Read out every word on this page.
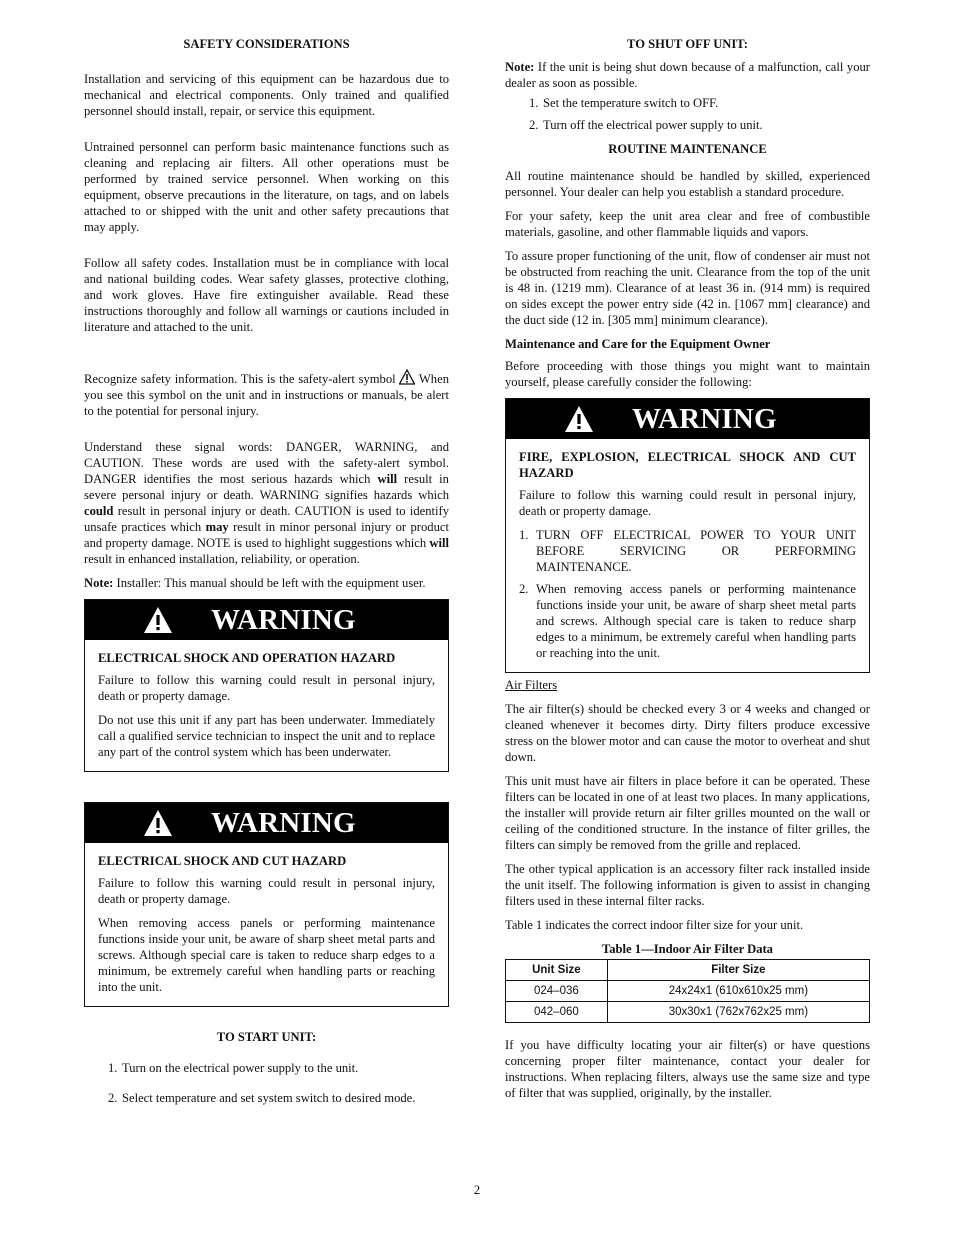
SAFETY CONSIDERATIONS

Installation and servicing of this equipment can be hazardous due to mechanical and electrical components. Only trained and qualified personnel should install, repair, or service this equipment.

Untrained personnel can perform basic maintenance functions such as cleaning and replacing air filters. All other operations must be performed by trained service personnel. When working on this equipment, observe precautions in the literature, on tags, and on labels attached to or shipped with the unit and other safety precautions that may apply.

Follow all safety codes. Installation must be in compliance with local and national building codes. Wear safety glasses, protective clothing, and work gloves. Have fire extinguisher available. Read these instructions thoroughly and follow all warnings or cautions included in literature and attached to the unit.

Recognize safety information. This is the safety-alert symbol When you see this symbol on the unit and in instructions or manuals, be alert to the potential for personal injury.

Understand these signal words: DANGER, WARNING, and CAUTION. These words are used with the safety-alert symbol. DANGER identifies the most serious hazards which will result in severe personal injury or death. WARNING signifies hazards which could result in personal injury or death. CAUTION is used to identify unsafe practices which may result in minor personal injury or product and property damage. NOTE is used to highlight suggestions which will result in enhanced installation, reliability, or operation.

Note: Installer: This manual should be left with the equipment user.

WARNING

ELECTRICAL SHOCK AND OPERATION HAZARD

Failure to follow this warning could result in personal injury, death or property damage.

Do not use this unit if any part has been underwater. Immediately call a qualified service technician to inspect the unit and to replace any part of the control system which has been underwater.

WARNING

ELECTRICAL SHOCK AND CUT HAZARD

Failure to follow this warning could result in personal injury, death or property damage.

When removing access panels or performing maintenance functions inside your unit, be aware of sharp sheet metal parts and screws. Although special care is taken to reduce sharp edges to a minimum, be extremely careful when handling parts or reaching into the unit.

TO START UNIT:
1. Turn on the electrical power supply to the unit.
2. Select temperature and set system switch to desired mode.
TO SHUT OFF UNIT:

Note: If the unit is being shut down because of a malfunction, call your dealer as soon as possible.

1. Set the temperature switch to OFF.
2. Turn off the electrical power supply to unit.
ROUTINE MAINTENANCE

All routine maintenance should be handled by skilled, experienced personnel. Your dealer can help you establish a standard procedure.

For your safety, keep the unit area clear and free of combustible materials, gasoline, and other flammable liquids and vapors.

To assure proper functioning of the unit, flow of condenser air must not be obstructed from reaching the unit. Clearance from the top of the unit is 48 in. (1219 mm). Clearance of at least 36 in. (914 mm) is required on sides except the power entry side (42 in. [1067 mm] clearance) and the duct side (12 in. [305 mm] minimum clearance).

Maintenance and Care for the Equipment Owner

Before proceeding with those things you might want to maintain yourself, please carefully consider the following:

WARNING

FIRE, EXPLOSION, ELECTRICAL SHOCK AND CUT HAZARD

Failure to follow this warning could result in personal injury, death or property damage.

1. TURN OFF ELECTRICAL POWER TO YOUR UNIT BEFORE SERVICING OR PERFORMING MAINTENANCE.
2. When removing access panels or performing maintenance functions inside your unit, be aware of sharp sheet metal parts and screws. Although special care is taken to reduce sharp edges to a minimum, be extremely careful when handling parts or reaching into the unit.

Air Filters

The air filter(s) should be checked every 3 or 4 weeks and changed or cleaned whenever it becomes dirty. Dirty filters produce excessive stress on the blower motor and can cause the motor to overheat and shut down.

This unit must have air filters in place before it can be operated. These filters can be located in one of at least two places. In many applications, the installer will provide return air filter grilles mounted on the wall or ceiling of the conditioned structure. In the instance of filter grilles, the filters can simply be removed from the grille and replaced.

The other typical application is an accessory filter rack installed inside the unit itself. The following information is given to assist in changing filters used in these internal filter racks.

Table 1 indicates the correct indoor filter size for your unit.

Table 1—Indoor Air Filter Data
Unit Size	Filter Size
024–036	24x24x1 (610x610x25 mm)
042–060	30x30x1 (762x762x25 mm)

If you have difficulty locating your air filter(s) or have questions concerning proper filter maintenance, contact your dealer for instructions. When replacing filters, always use the same size and type of filter that was supplied, originally, by the installer.

2
